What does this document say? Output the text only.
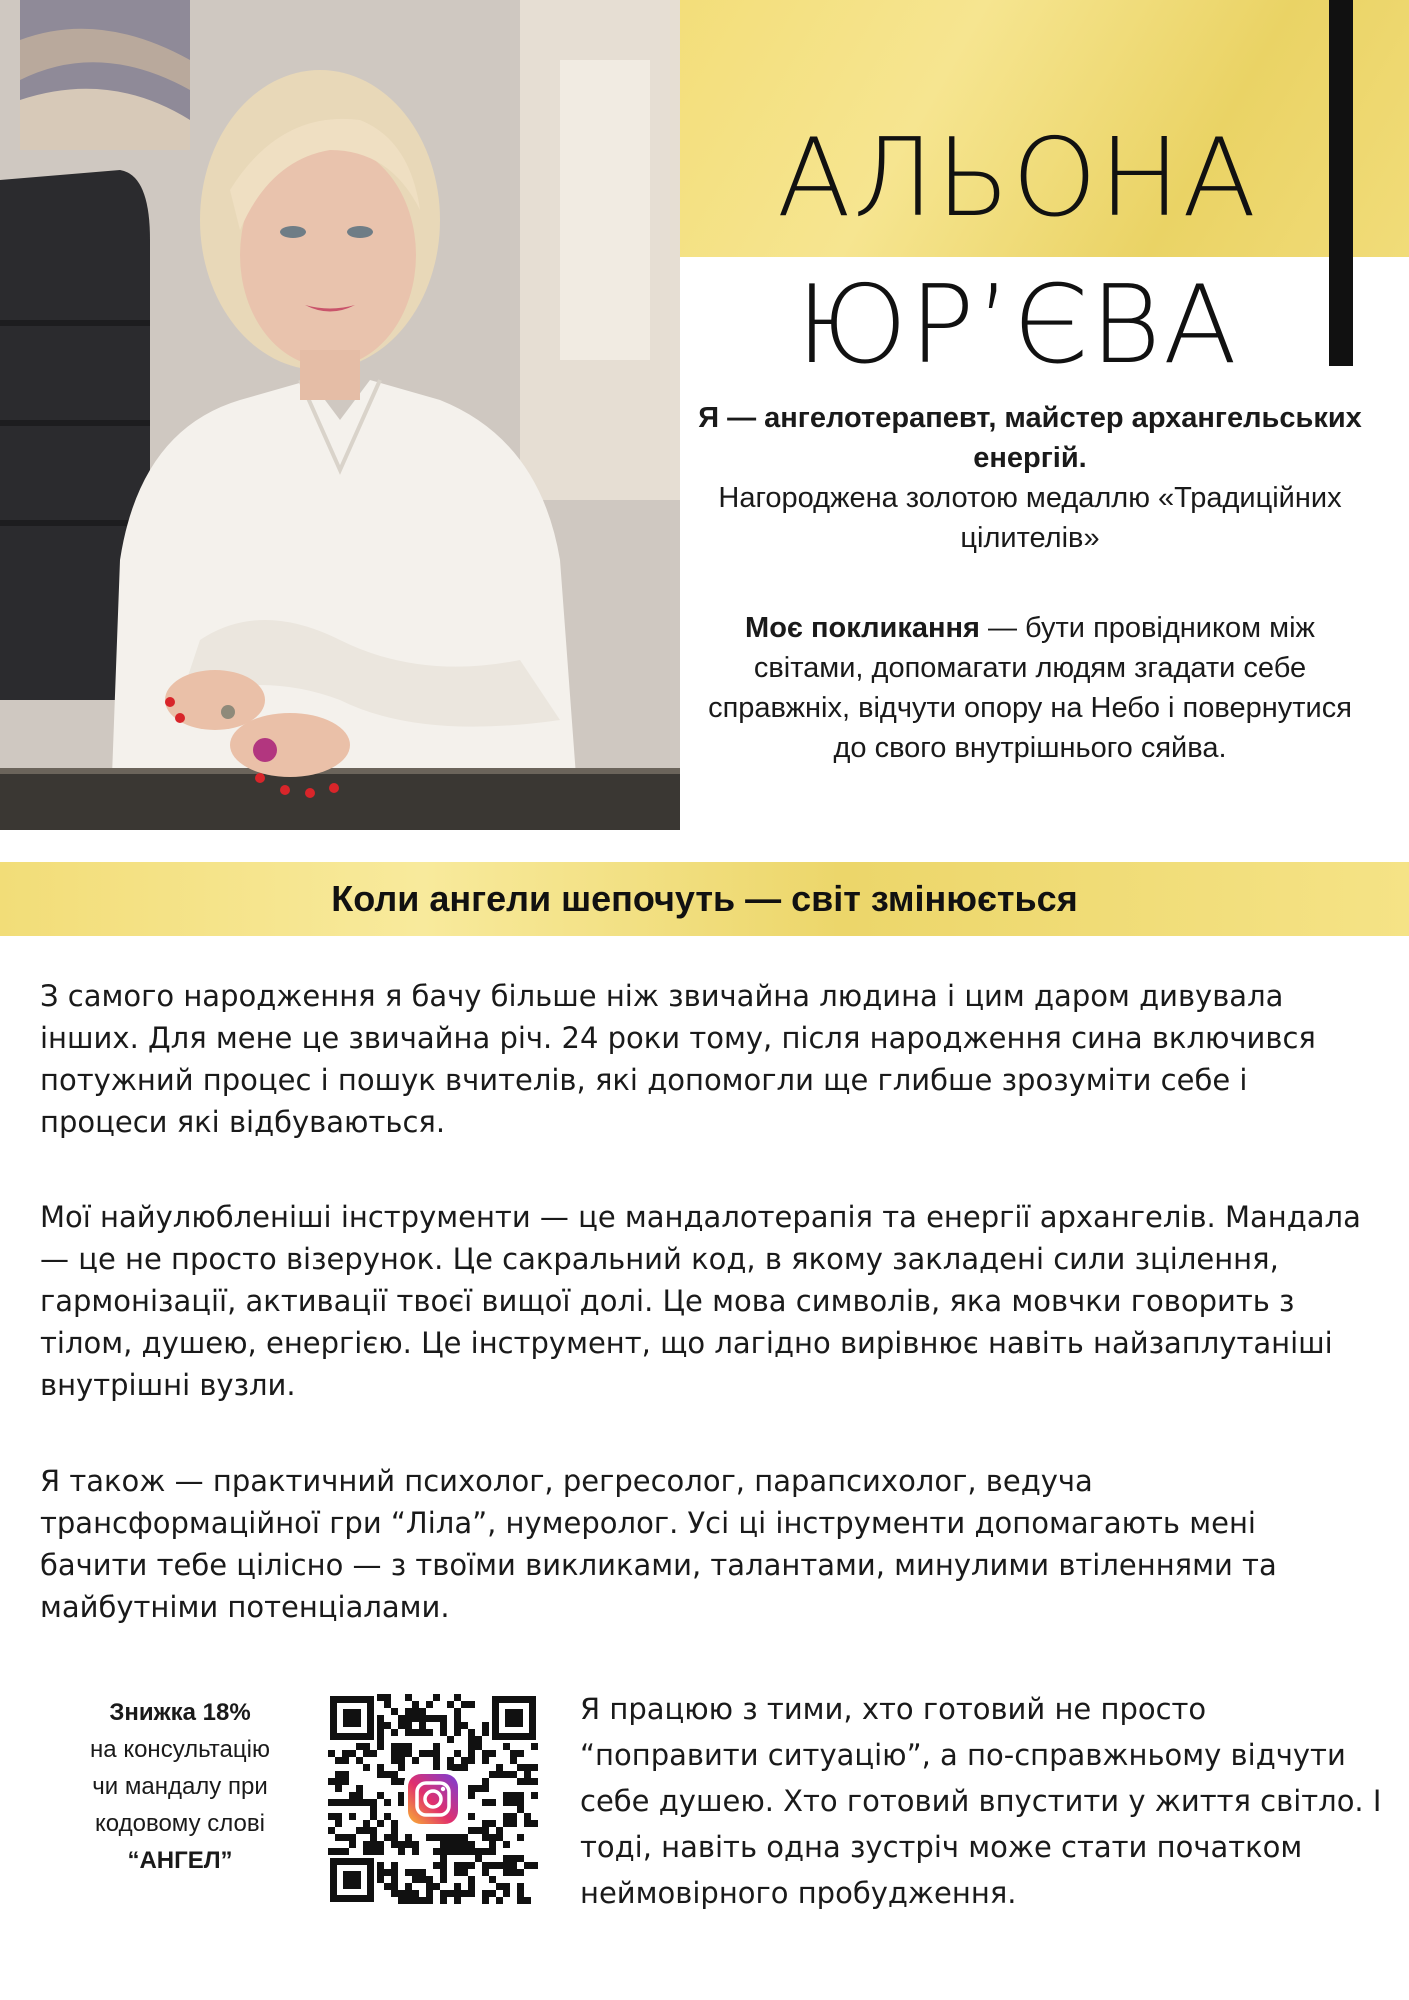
АЛЬОНА
ЮР’ЄВА
Я — ангелотерапевт, майстер архангельських енергій.
Нагороджена золотою медаллю «Традиційних цілителів»
Моє покликання — бути провідником між світами, допомагати людям згадати себе справжніх, відчути опору на Небо і повернутися до свого внутрішнього сяйва.
Коли ангели шепочуть — світ змінюється
З самого народження я бачу більше ніж звичайна людина і цим даром дивувала інших. Для мене це звичайна річ. 24 роки тому, після народження сина включився потужний процес і пошук вчителів, які допомогли ще глибше зрозуміти себе і процеси які відбуваються.
Мої найулюбленіші інструменти — це мандалотерапія та енергії архангелів. Мандала — це не просто візерунок. Це сакральний код, в якому закладені сили зцілення, гармонізації, активації твоєї вищої долі. Це мова символів, яка мовчки говорить з тілом, душею, енергією. Це інструмент, що лагідно вирівнює навіть найзаплутаніші внутрішні вузли.
Я також — практичний психолог, регресолог, парапсихолог, ведуча трансформаційної гри “Ліла”, нумеролог. Усі ці інструменти допомагають мені бачити тебе цілісно — з твоїми викликами, талантами, минулими втіленнями та майбутніми потенціалами.
Знижка 18%
на консультацію
чи мандалу при
кодовому слові
“АНГЕЛ”
Я працюю з тими, хто готовий не просто “поправити ситуацію”, а по-справжньому відчути себе душею. Хто готовий впустити у життя світло. І тоді, навіть одна зустріч може стати початком неймовірного пробудження.
